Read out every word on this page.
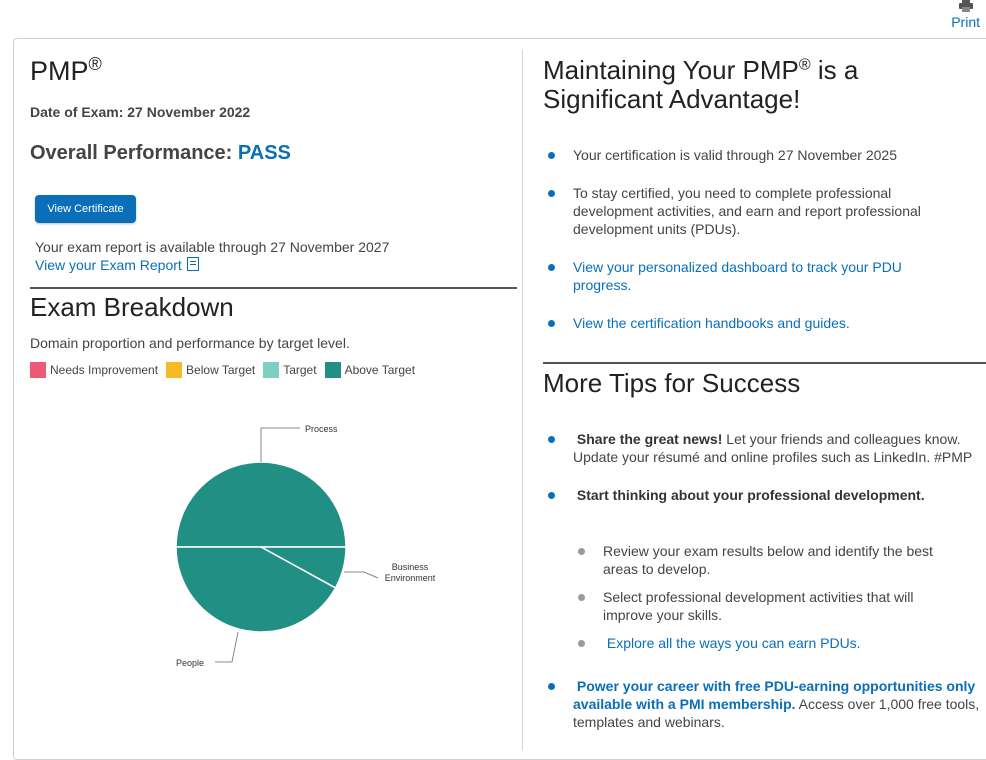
Print
PMP®
Date of Exam: 27 November 2022
Overall Performance: PASS
View Certificate
Your exam report is available through 27 November 2027
View your Exam Report
Exam Breakdown
Domain proportion and performance by target level.
Needs Improvement Below Target Target Above Target
Process
Business Environment
People
Maintaining Your PMP® is a Significant Advantage!
Your certification is valid through 27 November 2025
To stay certified, you need to complete professional development activities, and earn and report professional development units (PDUs).
View your personalized dashboard to track your PDU progress.
View the certification handbooks and guides.
More Tips for Success
Share the great news! Let your friends and colleagues know. Update your résumé and online profiles such as LinkedIn. #PMP
Start thinking about your professional development.
Review your exam results below and identify the best areas to develop.
Select professional development activities that will improve your skills.
Explore all the ways you can earn PDUs.
Power your career with free PDU-earning opportunities only available with a PMI membership. Access over 1,000 free tools, templates and webinars.
